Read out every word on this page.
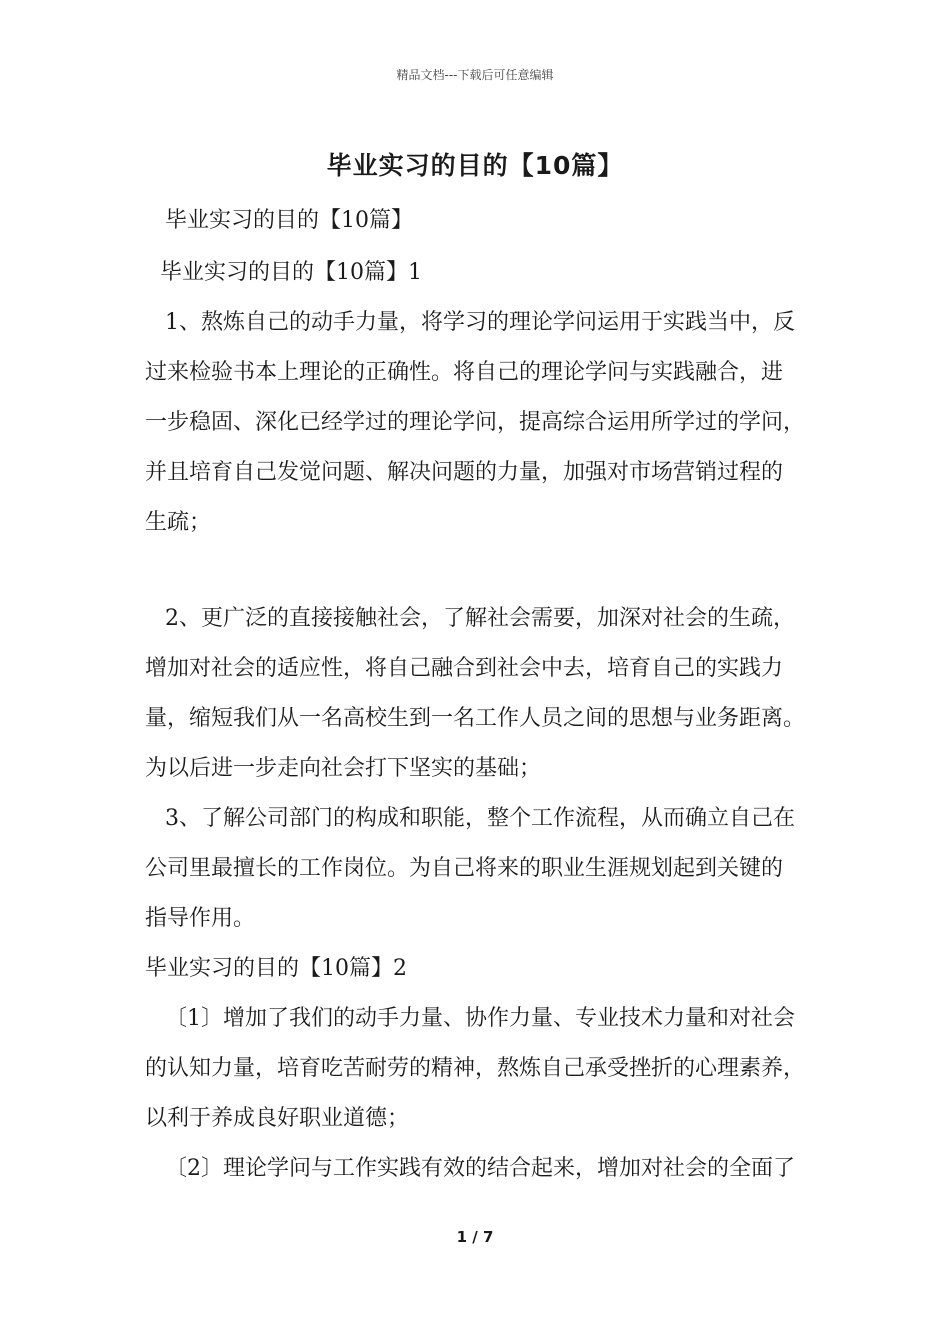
精品文档---下载后可任意编辑
毕业实习的目的【10篇】
毕业实习的目的【10篇】
毕业实习的目的【10篇】1
1、熬炼自己的动手力量，将学习的理论学问运用于实践当中，反
过来检验书本上理论的正确性。将自己的理论学问与实践融合，进
一步稳固、深化已经学过的理论学问，提高综合运用所学过的学问，
并且培育自己发觉问题、解决问题的力量，加强对市场营销过程的
生疏；
2、更广泛的直接接触社会，了解社会需要，加深对社会的生疏，
增加对社会的适应性，将自己融合到社会中去，培育自己的实践力
量，缩短我们从一名高校生到一名工作人员之间的思想与业务距离。
为以后进一步走向社会打下坚实的基础；
3、了解公司部门的构成和职能，整个工作流程，从而确立自己在
公司里最擅长的工作岗位。为自己将来的职业生涯规划起到关键的
指导作用。
毕业实习的目的【10篇】2
〔1〕增加了我们的动手力量、协作力量、专业技术力量和对社会
的认知力量，培育吃苦耐劳的精神，熬炼自己承受挫折的心理素养，
以利于养成良好职业道德；
〔2〕理论学问与工作实践有效的结合起来，增加对社会的全面了
1 / 7
